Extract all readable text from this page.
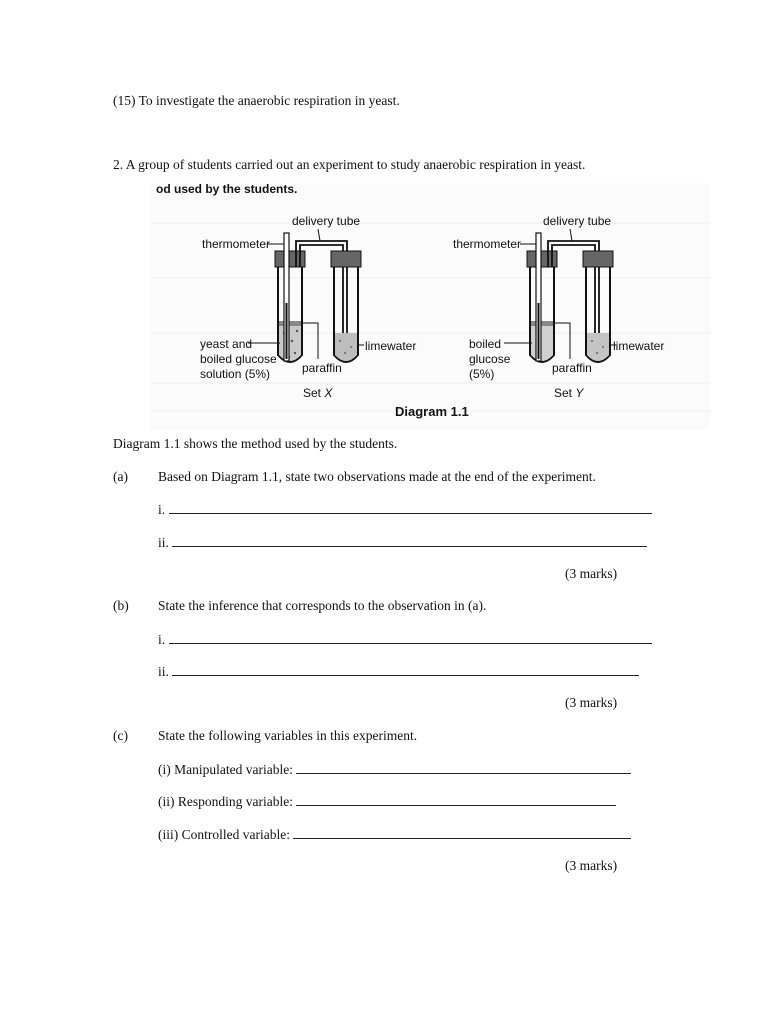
(15) To investigate the anaerobic respiration in yeast.
2. A group of students carried out an experiment to study anaerobic respiration in yeast.
od used by the students.
delivery tube
thermometer
yeast and
boiled glucose
solution (5%)	paraffin
limewater
Set X
delivery tube
thermometer
boiled
glucose
(5%)	paraffin
limewater
Set Y
Diagram 1.1
Diagram 1.1 shows the method used by the students.
(a) Based on Diagram 1.1, state two observations made at the end of the experiment.
i.
ii.
(3 marks)
(b) State the inference that corresponds to the observation in (a).
i.
ii.
(3 marks)
(c) State the following variables in this experiment.
(i) Manipulated variable:
(ii) Responding variable:
(iii) Controlled variable:
(3 marks)
